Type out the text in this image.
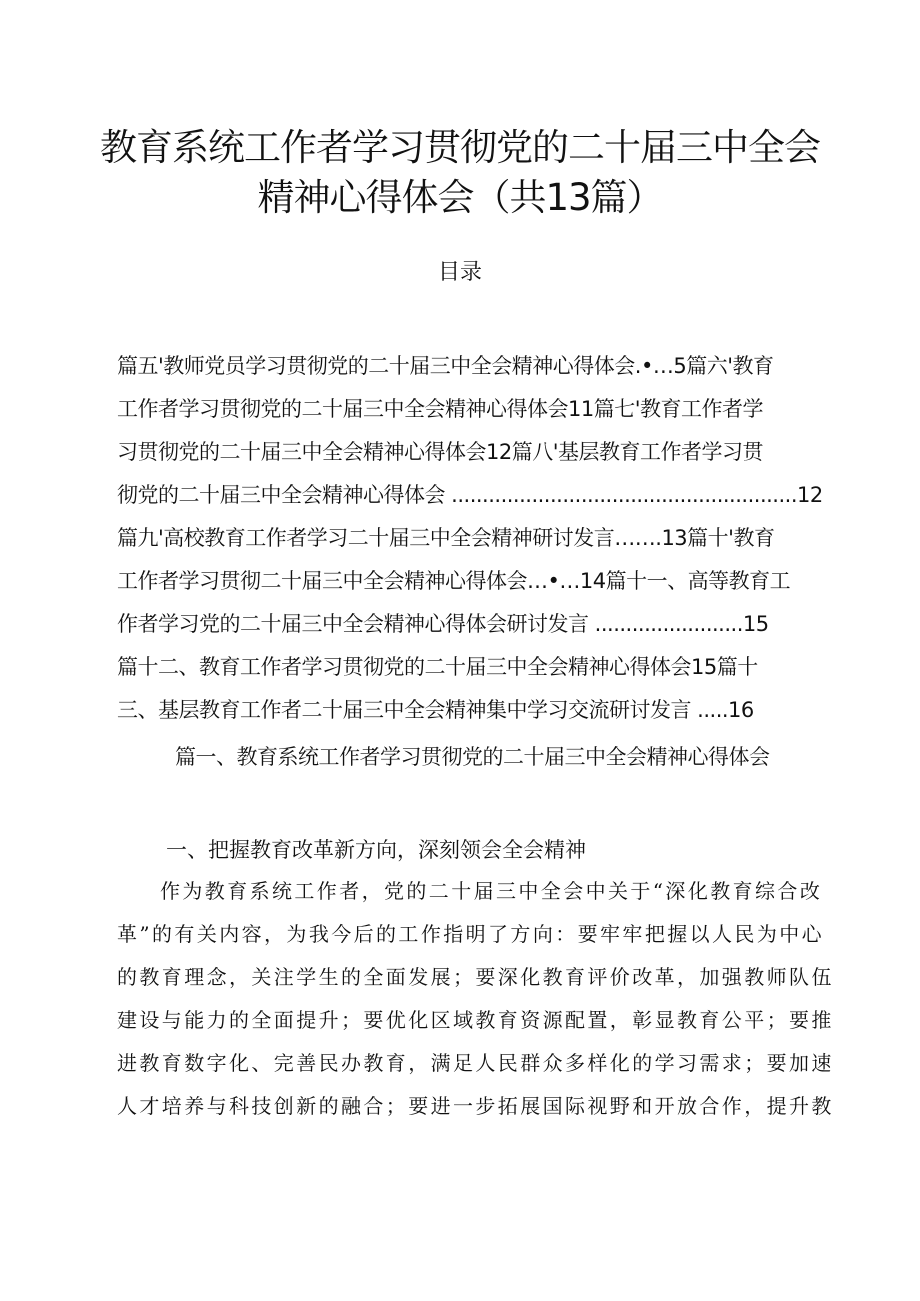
教育系统工作者学习贯彻党的二十届三中全会
精神心得体会（共13篇）
目录
篇五'教师党员学习贯彻党的二十届三中全会精神心得体会.•…5篇六'教育
工作者学习贯彻党的二十届三中全会精神心得体会11篇七'教育工作者学
习贯彻党的二十届三中全会精神心得体会12篇八'基层教育工作者学习贯
彻党的二十届三中全会精神心得体会 ........................................................12
篇九'高校教育工作者学习二十届三中全会精神研讨发言…….13篇十'教育
工作者学习贯彻二十届三中全会精神心得体会…•…14篇十一、高等教育工
作者学习党的二十届三中全会精神心得体会研讨发言 ........................15
篇十二、教育工作者学习贯彻党的二十届三中全会精神心得体会15篇十
三、基层教育工作者二十届三中全会精神集中学习交流研讨发言 .....16
篇一、教育系统工作者学习贯彻党的二十届三中全会精神心得体会
一、把握教育改革新方向，深刻领会全会精神
作为教育系统工作者，党的二十届三中全会中关于“深化教育综合改
革”的有关内容，为我今后的工作指明了方向：要牢牢把握以人民为中心
的教育理念，关注学生的全面发展；要深化教育评价改革，加强教师队伍
建设与能力的全面提升；要优化区域教育资源配置，彰显教育公平；要推
进教育数字化、完善民办教育，满足人民群众多样化的学习需求；要加速
人才培养与科技创新的融合；要进一步拓展国际视野和开放合作，提升教
